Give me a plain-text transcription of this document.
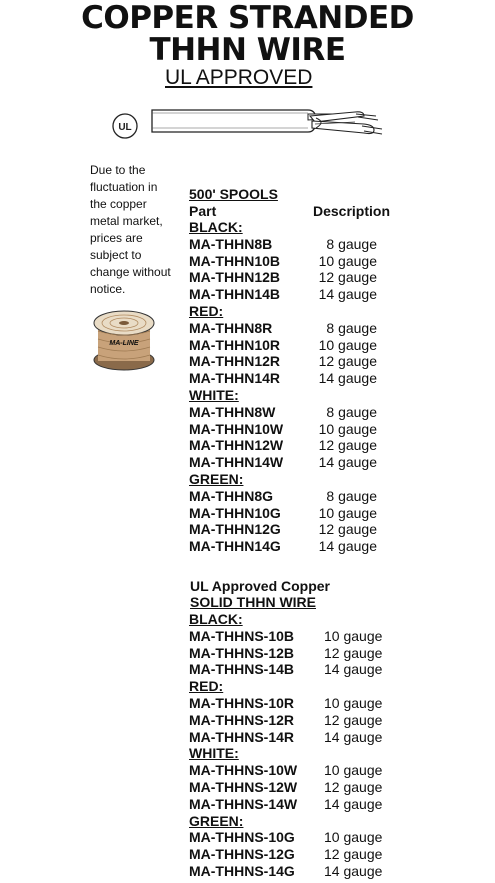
COPPER STRANDED
THHN WIRE
UL APPROVED
UL
Due to the fluctuation in the copper metal market, prices are subject to change without notice.
MA-LINE
500' SPOOLS
Part	Description
BLACK:
MA-THHN8B	8 gauge
MA-THHN10B	10 gauge
MA-THHN12B	12 gauge
MA-THHN14B	14 gauge
RED:
MA-THHN8R	8 gauge
MA-THHN10R	10 gauge
MA-THHN12R	12 gauge
MA-THHN14R	14 gauge
WHITE:
MA-THHN8W	8 gauge
MA-THHN10W	10 gauge
MA-THHN12W	12 gauge
MA-THHN14W	14 gauge
GREEN:
MA-THHN8G	8 gauge
MA-THHN10G	10 gauge
MA-THHN12G	12 gauge
MA-THHN14G	14 gauge
UL Approved Copper
SOLID THHN WIRE
BLACK:
MA-THHNS-10B 10 gauge
MA-THHNS-12B 12 gauge
MA-THHNS-14B 14 gauge
RED:
MA-THHNS-10R 10 gauge
MA-THHNS-12R 12 gauge
MA-THHNS-14R 14 gauge
WHITE:
MA-THHNS-10W 10 gauge
MA-THHNS-12W 12 gauge
MA-THHNS-14W 14 gauge
GREEN:
MA-THHNS-10G 10 gauge
MA-THHNS-12G 12 gauge
MA-THHNS-14G 14 gauge
